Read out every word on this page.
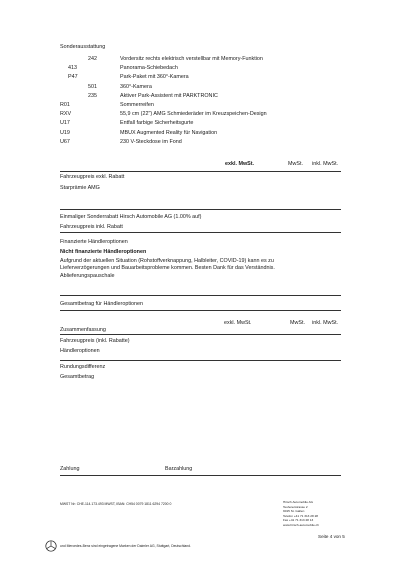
Sonderausstattung
242	Vordersitz rechts elektrisch verstellbar mit Memory-Funktion
413	Panorama-Schiebedach
P47	Park-Paket mit 360°-Kamera
501	360°-Kamera
235	Aktiver Park-Assistent mit PARKTRONIC
R01	Sommerreifen
RXV	55,9 cm (22") AMG Schmiederäder im Kreuzspeichen-Design
U17	Entfall farbige Sicherheitsgurte
U19	MBUX Augmented Reality für Navigation
U67	230 V-Steckdose im Fond
exkl. MwSt.	MwSt. inkl. MwSt.
Fahrzeugpreis exkl. Rabatt
Starprämie AMG
Einmaliger Sonderrabatt Hirsch Automobile AG (1.00% auf)
Fahrzeugpreis inkl. Rabatt
Finanzierte Händleroptionen
Nicht finanzierte Händleroptionen
Aufgrund der aktuellen Situation (Rohstoffverknappung, Halbleiter, COVID-19) kann es zu
Lieferverzögerungen und Bauarbeitsprobleme kommen. Besten Dank für das Verständnis.
Ablieferungspauschale
Gesamtbetrag für Händleroptionen
exkl. MwSt.	MwSt. inkl. MwSt.
Zusammenfassung
Fahrzeugpreis (inkl. Rabatte)
Händleroptionen
Rundungsdifferenz
Gesamtbetrag
Zahlung	Barzahlung
MWST Nr: CHE-114.173.493 MWST, IBAN: CH54 0079 1811 6294 7200 0	Hirsch Automobile AG
Teufenerstrasse 2
9015 St. Gallen
Telefon +41 71 313 28 28
Fax +41 71 313 28 13
www.hirsch-automobile.ch
Seite 4 von 5
und Mercedes-Benz sind eingetragene Marken der Daimler AG, Stuttgart, Deutschland.
